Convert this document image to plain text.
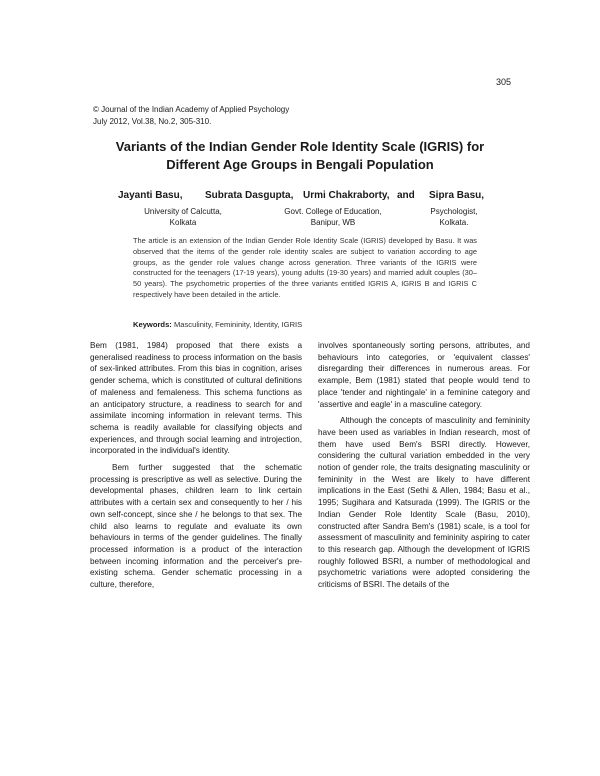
305
© Journal of the Indian Academy of Applied Psychology
July 2012, Vol.38, No.2, 305-310.
Variants of the Indian Gender Role Identity Scale (IGRIS) for
Different Age Groups in Bengali Population
Jayanti Basu, Subrata Dasgupta, Urmi Chakraborty, and Sipra Basu,
University of Calcutta,
Kolkata
Govt. College of Education,
Banipur, WB
Psychologist,
Kolkata.
The article is an extension of the Indian Gender Role Identity Scale (IGRIS) developed by Basu. It was observed that the items of the gender role identity scales are subject to variation according to age groups, as the gender role values change across generation. Three variants of the IGRIS were constructed for the teenagers (17-19 years), young adults (19-30 years) and married adult couples (30–50 years). The psychometric properties of the three variants entitled IGRIS A, IGRIS B and IGRIS C respectively have been detailed in the article.
Keywords: Masculinity, Femininity, Identity, IGRIS

Bem (1981, 1984) proposed that there exists a generalised readiness to process information on the basis of sex-linked attributes. From this bias in cognition, arises gender schema, which is constituted of cultural definitions of maleness and femaleness. This schema functions as an anticipatory structure, a readiness to search for and assimilate incoming information in relevant terms. This schema is readily available for classifying objects and experiences, and through social learning and introjection, incorporated in the individual's identity.

Bem further suggested that the schematic processing is prescriptive as well as selective. During the developmental phases, children learn to link certain attributes with a certain sex and consequently to her / his own self-concept, since she / he belongs to that sex. The child also learns to regulate and evaluate its own behaviours in terms of the gender guidelines. The finally processed information is a product of the interaction between incoming information and the perceiver's pre-existing schema. Gender schematic processing in a culture, therefore,

involves spontaneously sorting persons, attributes, and behaviours into categories, or 'equivalent classes' disregarding their differences in numerous areas. For example, Bem (1981) stated that people would tend to place 'tender and nightingale' in a feminine category and 'assertive and eagle' in a masculine category.

Although the concepts of masculinity and femininity have been used as variables in Indian research, most of them have used Bem's BSRI directly. However, considering the cultural variation embedded in the very notion of gender role, the traits designating masculinity or femininity in the West are likely to have different implications in the East (Sethi & Allen, 1984; Basu et al., 1995; Sugihara and Katsurada (1999). The IGRIS or the Indian Gender Role Identity Scale (Basu, 2010), constructed after Sandra Bem's (1981) scale, is a tool for assessment of masculinity and femininity aspiring to cater to this research gap. Although the development of IGRIS roughly followed BSRI, a number of methodological and psychometric variations were adopted considering the criticisms of BSRI. The details of the
